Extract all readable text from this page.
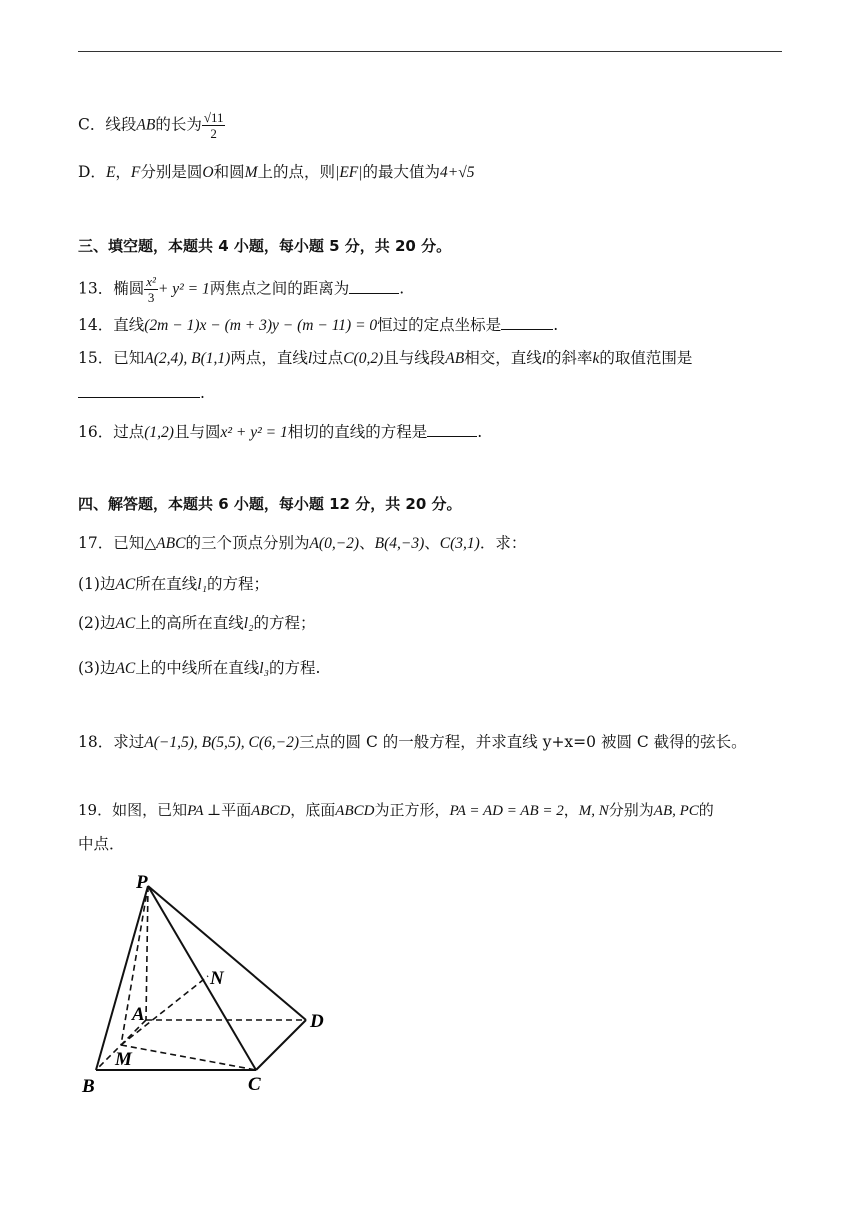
C．线段AB的长为 $\frac{√11}{2}$
D．E，F分别是圆O和圆M上的点，则|EF|的最大值为4+√5
三、填空题，本题共 4 小题，每小题 5 分，共 20 分。
13．椭圆 $\frac{\text{x²}}{3} + y^2 = 1$两焦点之间的距离为	.
14．直线(2m − 1)x − (m + 3)y − (m − 11) = 0恒过的定点坐标是	.
15．已知A(2,4), B(1,1)两点，直线l过点C(0,2)且与线段AB相交，直线l的斜率k的取值范围是
.
16．过点(1,2)且与圆x² + y² = 1相切的直线的方程是	.
四、解答题，本题共 6 小题，每小题 12 分，共 20 分。
17．已知△ABC的三个顶点分别为A(0,−2)、B(4,−3)、C(3,1)．求：
(1)边AC所在直线l₁的方程；
(2)边AC上的高所在直线l₂的方程；
(3)边AC上的中线所在直线l₃的方程.
18．求过A(−1,5), B(5,5), C(6,−2)三点的圆 C 的一般方程，并求直线 y+x=0 被圆 C 截得的弦长。
19．如图，已知PA ⊥平面ABCD，底面ABCD为正方形，PA = AD = AB = 2，M, N分别为AB, PC的
中点．
P
A
B	C
D
M
N
